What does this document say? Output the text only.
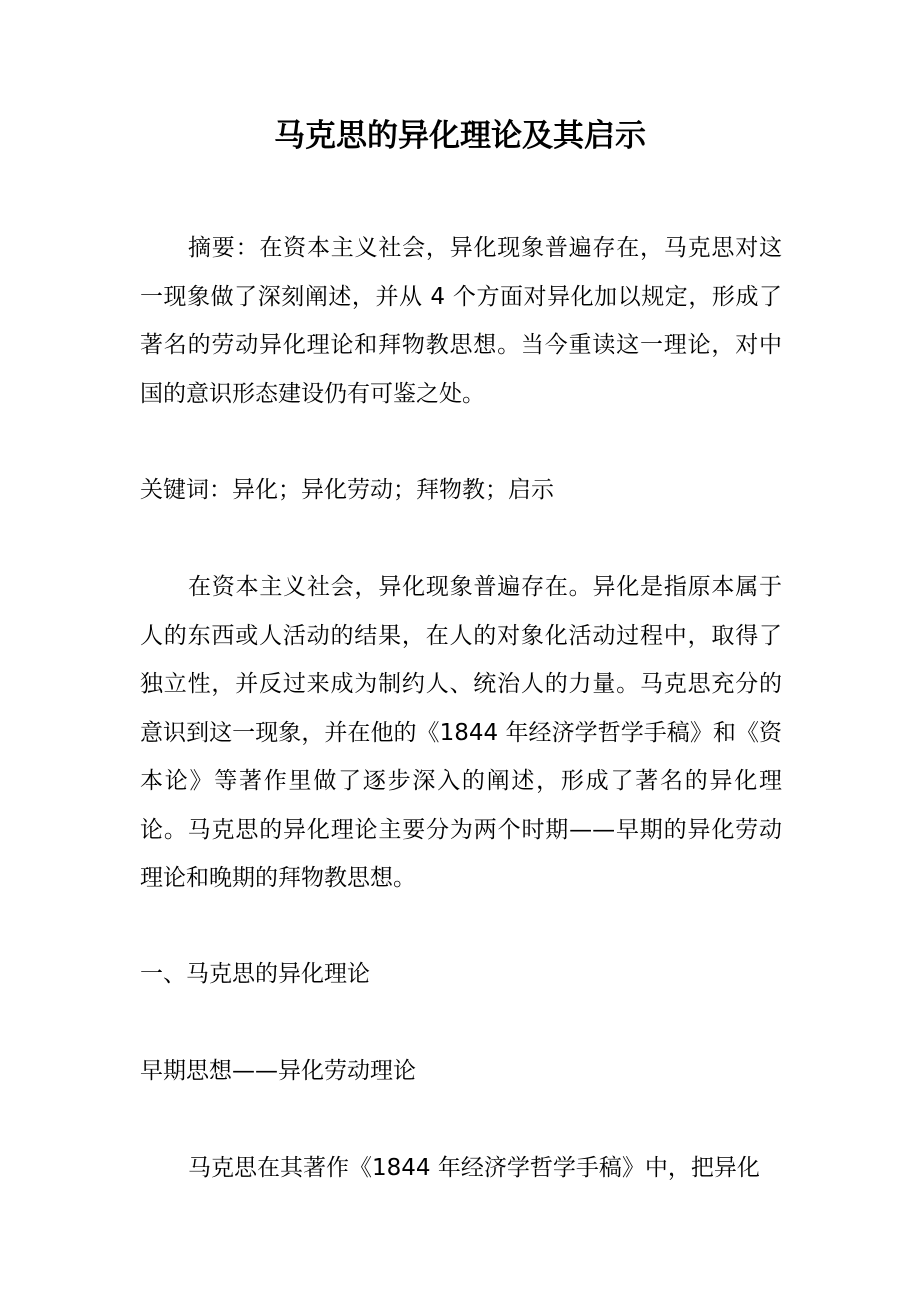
马克思的异化理论及其启示

摘要：在资本主义社会，异化现象普遍存在，马克思对这一现象做了深刻阐述，并从 4 个方面对异化加以规定，形成了著名的劳动异化理论和拜物教思想。当今重读这一理论，对中国的意识形态建设仍有可鉴之处。

关键词：异化；异化劳动；拜物教；启示

在资本主义社会，异化现象普遍存在。异化是指原本属于人的东西或人活动的结果，在人的对象化活动过程中，取得了独立性，并反过来成为制约人、统治人的力量。马克思充分的意识到这一现象，并在他的《1844 年经济学哲学手稿》和《资本论》等著作里做了逐步深入的阐述，形成了著名的异化理论。马克思的异化理论主要分为两个时期——早期的异化劳动理论和晚期的拜物教思想。

一、马克思的异化理论

早期思想——异化劳动理论

马克思在其著作《1844 年经济学哲学手稿》中，把异化
